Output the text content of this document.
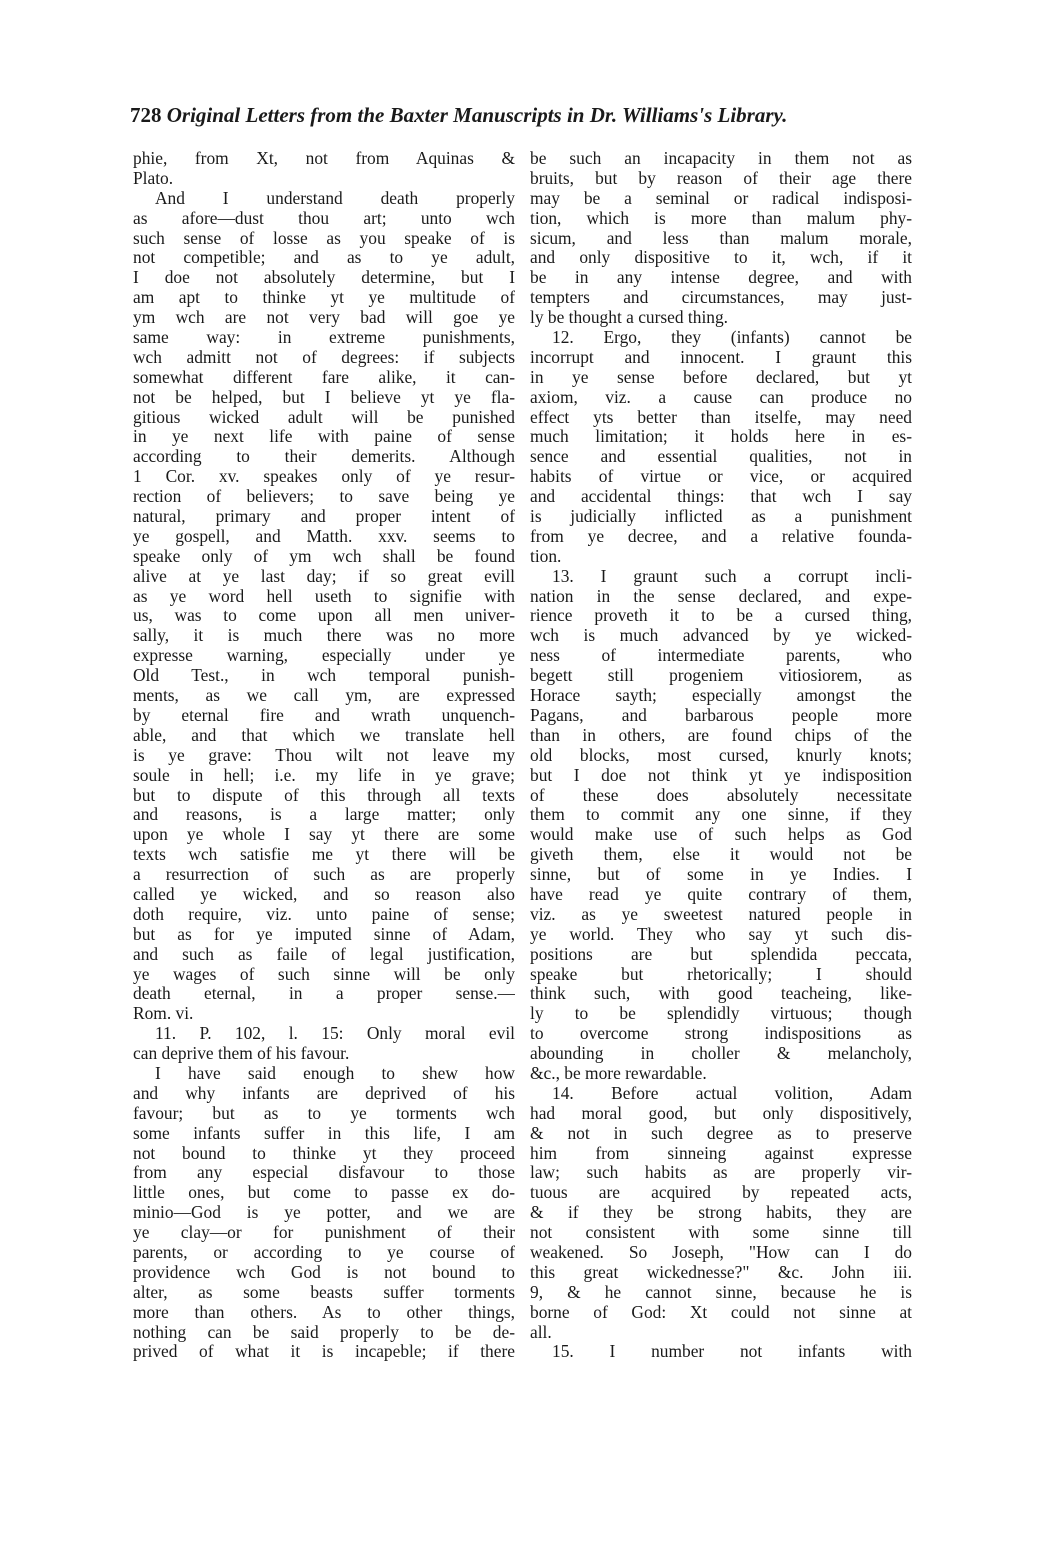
728 Original Letters from the Baxter Manuscripts in Dr. Williams's Library.
phie, from Xt, not from Aquinas &
Plato.
And I understand death properly
as afore—dust thou art; unto wch
such sense of losse as you speake of is
not competible; and as to ye adult,
I doe not absolutely determine, but I
am apt to thinke yt ye multitude of
ym wch are not very bad will goe ye
same way: in extreme punishments,
wch admitt not of degrees: if subjects
somewhat different fare alike, it can-
not be helped, but I believe yt ye fla-
gitious wicked adult will be punished
in ye next life with paine of sense
according to their demerits. Although
1 Cor. xv. speakes only of ye resur-
rection of believers; to save being ye
natural, primary and proper intent of
ye gospell, and Matth. xxv. seems to
speake only of ym wch shall be found
alive at ye last day; if so great evill
as ye word hell useth to signifie with
us, was to come upon all men univer-
sally, it is much there was no more
expresse warning, especially under ye
Old Test., in wch temporal punish-
ments, as we call ym, are expressed
by eternal fire and wrath unquench-
able, and that which we translate hell
is ye grave: Thou wilt not leave my
soule in hell; i.e. my life in ye grave;
but to dispute of this through all texts
and reasons, is a large matter; only
upon ye whole I say yt there are some
texts wch satisfie me yt there will be
a resurrection of such as are properly
called ye wicked, and so reason also
doth require, viz. unto paine of sense;
but as for ye imputed sinne of Adam,
and such as faile of legal justification,
ye wages of such sinne will be only
death eternal, in a proper sense.—
Rom. vi.
11. P. 102, l. 15: Only moral evil
can deprive them of his favour.
I have said enough to shew how
and why infants are deprived of his
favour; but as to ye torments wch
some infants suffer in this life, I am
not bound to thinke yt they proceed
from any especial disfavour to those
little ones, but come to passe ex do-
minio—God is ye potter, and we are
ye clay—or for punishment of their
parents, or according to ye course of
providence wch God is not bound to
alter, as some beasts suffer torments
more than others. As to other things,
nothing can be said properly to be de-
prived of what it is incapeble; if there
be such an incapacity in them not as
bruits, but by reason of their age there
may be a seminal or radical indisposi-
tion, which is more than malum phy-
sicum, and less than malum morale,
and only dispositive to it, wch, if it
be in any intense degree, and with
tempters and circumstances, may just-
ly be thought a cursed thing.
12. Ergo, they (infants) cannot be
incorrupt and innocent. I graunt this
in ye sense before declared, but yt
axiom, viz. a cause can produce no
effect yts better than itselfe, may need
much limitation; it holds here in es-
sence and essential qualities, not in
habits of virtue or vice, or acquired
and accidental things: that wch I say
is judicially inflicted as a punishment
from ye decree, and a relative founda-
tion.
13. I graunt such a corrupt incli-
nation in the sense declared, and expe-
rience proveth it to be a cursed thing,
wch is much advanced by ye wicked-
ness of intermediate parents, who
begett still progeniem vitiosiorem, as
Horace sayth; especially amongst the
Pagans, and barbarous people more
than in others, are found chips of the
old blocks, most cursed, knurly knots;
but I doe not think yt ye indisposition
of these does absolutely necessitate
them to commit any one sinne, if they
would make use of such helps as God
giveth them, else it would not be
sinne, but of some in ye Indies. I
have read ye quite contrary of them,
viz. as ye sweetest natured people in
ye world. They who say yt such dis-
positions are but splendida peccata,
speake but rhetorically; I should
think such, with good teacheing, like-
ly to be splendidly virtuous; though
to overcome strong indispositions as
abounding in choller & melancholy,
&c., be more rewardable.
14. Before actual volition, Adam
had moral good, but only dispositively,
& not in such degree as to preserve
him from sinneing against expresse
law; such habits as are properly vir-
tuous are acquired by repeated acts,
& if they be strong habits, they are
not consistent with some sinne till
weakened. So Joseph, "How can I do
this great wickednesse?" &c. John iii.
9, & he cannot sinne, because he is
borne of God: Xt could not sinne at
all.
15. I number not infants with
